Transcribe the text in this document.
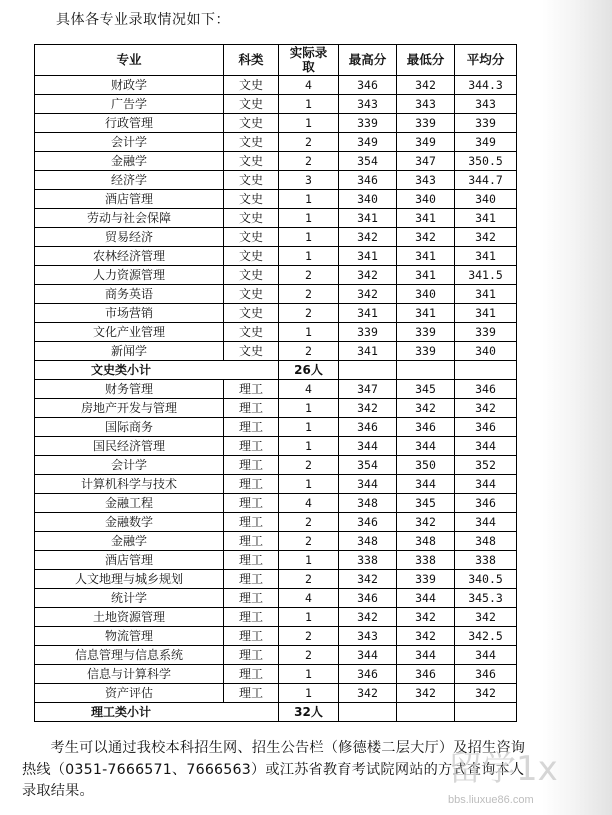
具体各专业录取情况如下：
专业	科类	实际录取	最高分	最低分	平均分
财政学	文史	4	346	342	344.3
广告学	文史	1	343	343	343
行政管理	文史	1	339	339	339
会计学	文史	2	349	349	349
金融学	文史	2	354	347	350.5
经济学	文史	3	346	343	344.7
酒店管理	文史	1	340	340	340
劳动与社会保障	文史	1	341	341	341
贸易经济	文史	1	342	342	342
农林经济管理	文史	1	341	341	341
人力资源管理	文史	2	342	341	341.5
商务英语	文史	2	342	340	341
市场营销	文史	2	341	341	341
文化产业管理	文史	1	339	339	339
新闻学	文史	2	341	339	340
文史类小计		26人			
财务管理	理工	4	347	345	346
房地产开发与管理	理工	1	342	342	342
国际商务	理工	1	346	346	346
国民经济管理	理工	1	344	344	344
会计学	理工	2	354	350	352
计算机科学与技术	理工	1	344	344	344
金融工程	理工	4	348	345	346
金融数学	理工	2	346	342	344
金融学	理工	2	348	348	348
酒店管理	理工	1	338	338	338
人文地理与城乡规划	理工	2	342	339	340.5
统计学	理工	4	346	344	345.3
土地资源管理	理工	1	342	342	342
物流管理	理工	2	343	342	342.5
信息管理与信息系统	理工	2	344	344	344
信息与计算科学	理工	1	346	346	346
资产评估	理工	1	342	342	342
理工类小计		32人			

考生可以通过我校本科招生网、招生公告栏（修德楼二层大厅）及招生咨询热线（0351-7666571、7666563）或江苏省教育考试院网站的方式查询本人录取结果。

留学1x
bbs.liuxue86.com
